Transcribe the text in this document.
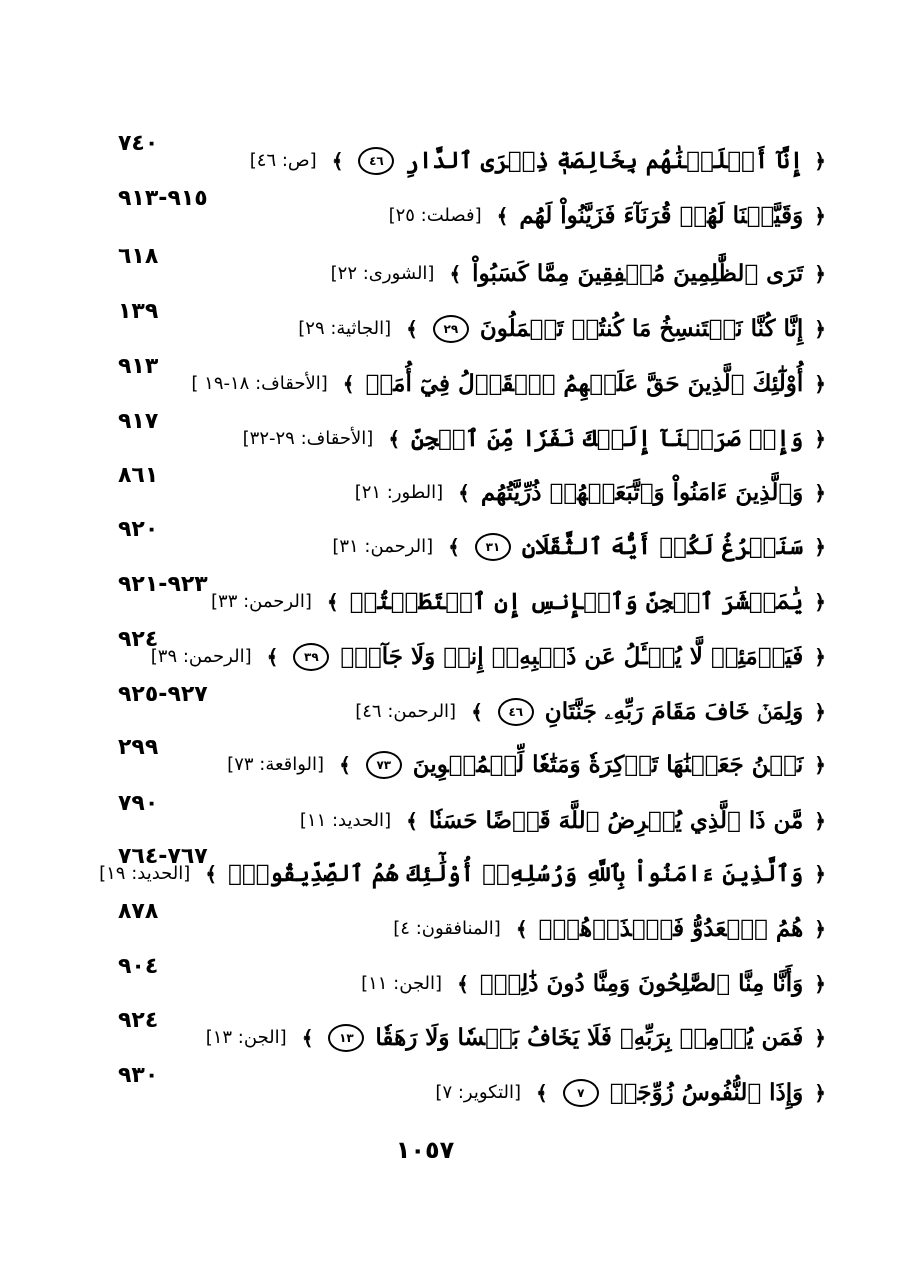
٧٤٠
﴿ إِنَّآ أَخۡلَصۡنَٰهُم بِخَالِصَةٖ ذِكۡرَى ٱلدَّارِ ٤٦ ﴾ [ص: ٤٦]
٩١٥-٩١٣
﴿ وَقَيَّضۡنَا لَهُمۡ قُرَنَآءَ فَزَيَّنُواْ لَهُم ﴾ [فصلت: ٢٥]
٦١٨
﴿ تَرَى ٱلظَّٰلِمِينَ مُشۡفِقِينَ مِمَّا كَسَبُواْ ﴾ [الشورى: ٢٢]
١٣٩
﴿ إِنَّا كُنَّا نَسۡتَنسِخُ مَا كُنتُمۡ تَعۡمَلُونَ ٢٩ ﴾ [الجاثية: ٢٩]
٩١٣
﴿ أُوْلَٰٓئِكَ ٱلَّذِينَ حَقَّ عَلَيۡهِمُ ٱلۡقَوۡلُ فِيٓ أُمَمٖ ﴾ [الأحقاف: ١٨-١٩ ]
٩١٧
﴿ وَإِذۡ صَرَفۡنَآ إِلَيۡكَ نَفَرٗا مِّنَ ٱلۡجِنِّ ﴾ [الأحقاف: ٢٩-٣٢]
٨٦١
﴿ وَٱلَّذِينَ ءَامَنُواْ وَٱتَّبَعَتۡهُمۡ ذُرِّيَّتُهُم ﴾ [الطور: ٢١]
٩٢٠
﴿ سَنَفۡرُغُ لَكُمۡ أَيُّهَ ٱلثَّقَلَانِ ٣١ ﴾ [الرحمن: ٣١]
٩٢٣-٩٢١
﴿ يَٰمَعۡشَرَ ٱلۡجِنِّ وَٱلۡإِنسِ إِنِ ٱسۡتَطَعۡتُمۡ ﴾ [الرحمن: ٣٣]
٩٢٤
﴿ فَيَوۡمَئِذٖ لَّا يُسۡـَٔلُ عَن ذَنۢبِهِۦٓ إِنسٞ وَلَا جَآنّٞ ٣٩ ﴾ [الرحمن: ٣٩]
٩٢٧-٩٢٥
﴿ وَلِمَنۡ خَافَ مَقَامَ رَبِّهِۦ جَنَّتَانِ ٤٦ ﴾ [الرحمن: ٤٦]
٢٩٩
﴿ نَحۡنُ جَعَلۡنَٰهَا تَذۡكِرَةٗ وَمَتَٰعٗا لِّلۡمُقۡوِينَ ٧٣ ﴾ [الواقعة: ٧٣]
٧٩٠
﴿ مَّن ذَا ٱلَّذِي يُقۡرِضُ ٱللَّهَ قَرۡضًا حَسَنٗا ﴾ [الحديد: ١١]
٧٦٧-٧٦٤
﴿ وَٱلَّذِينَ ءَامَنُواْ بِٱللَّهِ وَرُسُلِهِۦٓ أُوْلَٰٓئِكَ هُمُ ٱلصِّدِّيقُونَۖ ﴾ [الحديد: ١٩]
٨٧٨
﴿ هُمُ ٱلۡعَدُوُّ فَٱحۡذَرۡهُمۡۚ ﴾ [المنافقون: ٤]
٩٠٤
﴿ وَأَنَّا مِنَّا ٱلصَّٰلِحُونَ وَمِنَّا دُونَ ذَٰلِكَۖ ﴾ [الجن: ١١]
٩٢٤
﴿ فَمَن يُؤۡمِنۢ بِرَبِّهِۦ فَلَا يَخَافُ بَخۡسٗا وَلَا رَهَقٗا ١٣ ﴾ [الجن: ١٣]
٩٣٠
﴿ وَإِذَا ٱلنُّفُوسُ زُوِّجَتۡ ٧ ﴾ [التكوير: ٧]
١٠٥٧
